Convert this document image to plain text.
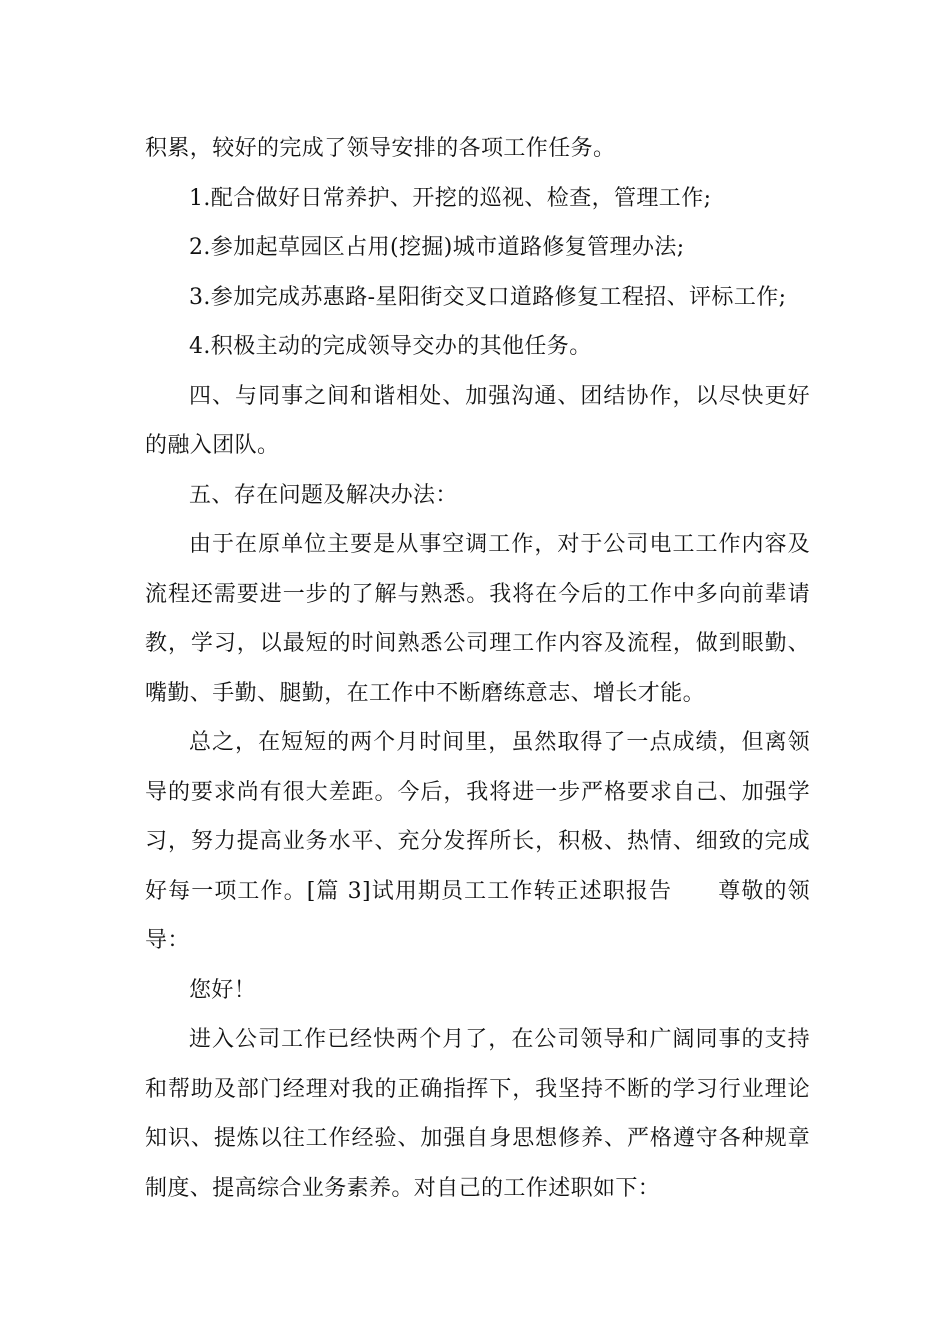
积累，较好的完成了领导安排的各项工作任务。

1.配合做好日常养护、开挖的巡视、检查，管理工作;

2.参加起草园区占用(挖掘)城市道路修复管理办法;

3.参加完成苏惠路-星阳街交叉口道路修复工程招、评标工作;

4.积极主动的完成领导交办的其他任务。

四、与同事之间和谐相处、加强沟通、团结协作，以尽快更好的融入团队。

五、存在问题及解决办法：

由于在原单位主要是从事空调工作，对于公司电工工作内容及流程还需要进一步的了解与熟悉。我将在今后的工作中多向前辈请教，学习，以最短的时间熟悉公司理工作内容及流程，做到眼勤、嘴勤、手勤、腿勤，在工作中不断磨练意志、增长才能。

总之，在短短的两个月时间里，虽然取得了一点成绩，但离领导的要求尚有很大差距。今后，我将进一步严格要求自己、加强学习，努力提高业务水平、充分发挥所长，积极、热情、细致的完成好每一项工作。[篇 3]试用期员工工作转正述职报告　　尊敬的领导：

您好！

进入公司工作已经快两个月了，在公司领导和广阔同事的支持和帮助及部门经理对我的正确指挥下，我坚持不断的学习行业理论知识、提炼以往工作经验、加强自身思想修养、严格遵守各种规章制度、提高综合业务素养。对自己的工作述职如下：
